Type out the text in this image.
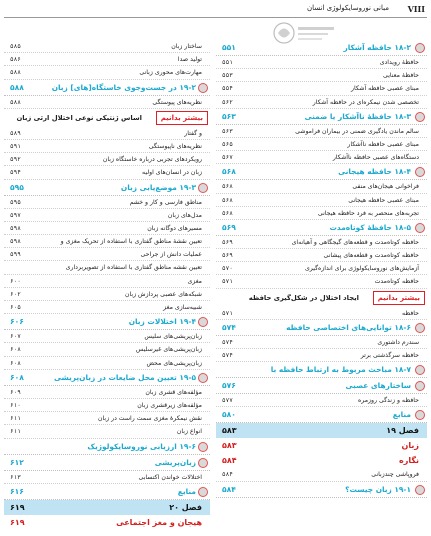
VIII
مبانی نوروسایکولوژی انسان
۱۸-۲ حافظه آشکار
۵۵۱
حافظهٔ رویدادی
۵۵۱
حافظهٔ معنایی
۵۵۳
مبنای عصبی حافظه آشکار
۵۵۴
تخصصی شدن نیمکره‌ای در حافظه آشکار
۵۶۲
۱۸-۳ حافظهٔ ناآشکار یا ضمنی
۵۶۳
سالم ماندن یادگیری ضمنی در بیماران فراموشی
۵۶۳
مبنای عصبی حافظه ناآشکار
۵۶۵
دستگاه‌های عصبی حافظه ناآشکار
۵۶۷
۱۸-۴ حافظه هیجانی
۵۶۸
فراخوانی هیجان‌های منفی
۵۶۸
مبنای عصبی حافظه هیجانی
۵۶۸
تجربه‌های منحصر به فرد حافظه هیجانی
۵۶۸
۱۸-۵ حافظهٔ کوتاه‌مدت
۵۶۹
حافظه کوتاه‌مدت و قطعه‌های گیجگاهی و آهیانه‌ای
۵۶۹
حافظه کوتاه‌مدت و قطعه‌های پیشانی
۵۶۹
آزمایش‌های نوروسایکولوژی برای اندازه‌گیری
۵۷۰
حافظه کوتاه‌مدت
۵۷۱
بیشتر بدانیم
ایجاد اختلال در شکل‌گیری حافظه
حافظه
۵۷۱
۱۸-۶ توانایی‌های اختصاصی حافظه
۵۷۴
سندرم داشتوری
۵۷۴
حافظه سرگذشتی برتر
۵۷۴
۱۸-۷ مباحث مربوط به ارتباط حافظه با
ساختارهای عصبی
۵۷۶
حافظه و زندگی روزمره
۵۷۷
منابع
۵۸۰
فصل ۱۹
۵۸۳
زبان
۵۸۳
نگاره
۵۸۴
فروپاشی چندزبانی
۵۸۴
۱۹-۱ زبان چیست؟
۵۸۴
ساختار زبان
۵۸۵
تولید صدا
۵۸۶
مهارت‌های محوری زبانی
۵۸۸
۱۹-۲ در جست‌وجوی خاستگاه[های] زبان
۵۸۸
نظریه‌های پیوستگی
۵۸۸
بیشتر بدانیم
اساس ژنتیکی نوعی اختلال ارثی زبان
و گفتار
۵۸۹
نظریه‌های ناپیوستگی
۵۹۱
رویکردهای تجربی درباره خاستگاه زبان
۵۹۲
زبان در انسان‌های اولیه
۵۹۴
۱۹-۳ موضع‌یابی زبان
۵۹۵
مناطق فارسی و کار و خشم
۵۹۵
مدل‌های زبان
۵۹۷
مسیرهای دوگانه زبان
۵۹۸
تعیین نقشهٔ مناطق گفتاری با استفاده از تحریک مغزی و
۵۹۸
عملیات دانش از جراحی
۵۹۹
تعیین نقشه مناطق گفتاری با استفاده از تصویربرداری
مغزی
۶۰۰
شبکه‌های عصبی پردازش زبان
۶۰۲
شبیه‌سازی مغز
۶۰۵
۱۹-۴ اختلالات زبان
۶۰۶
زبان‌پریشی‌های سلیس
۶۰۷
زبان‌پریشی‌های غیرسلیس
۶۰۸
زبان‌پریشی‌های محض
۶۰۸
۱۹-۵ تعیین محل ضایعات در زبان‌پریشی
۶۰۸
مؤلفه‌های قشری زبان
۶۰۹
مؤلفه‌های زیرقشری زبان
۶۱۰
نقش نیمکرهٔ مغزی سمت راست در زبان
۶۱۱
انواع زبان
۶۱۱
۱۹-۶ ارزیابی نوروسایکولوژیک
زبان‌پریشی
۶۱۲
اختلالات خواندن اکتسابی
۶۱۳
منابع
۶۱۶
فصل ۲۰
۶۱۹
هیجان و مغز اجتماعی
۶۱۹
